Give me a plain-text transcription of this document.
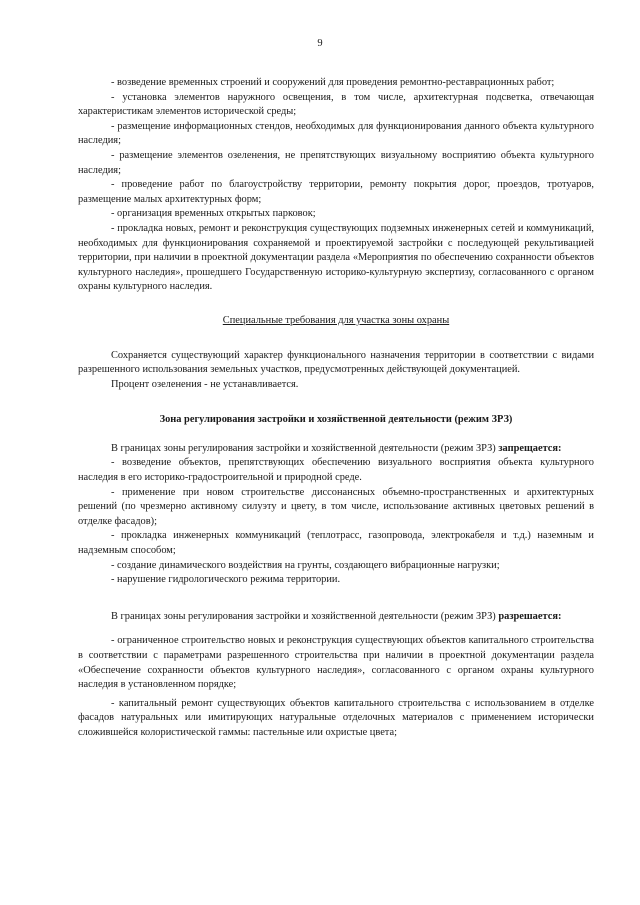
9

- возведение временных строений и сооружений для проведения ремонтно-реставрационных работ;

- установка элементов наружного освещения, в том числе, архитектурная подсветка, отвечающая характеристикам элементов исторической среды;

- размещение информационных стендов, необходимых для функционирования данного объекта культурного наследия;

- размещение элементов озеленения, не препятствующих визуальному восприятию объекта культурного наследия;

- проведение работ по благоустройству территории, ремонту покрытия дорог, проездов, тротуаров, размещение малых архитектурных форм;

- организация временных открытых парковок;

- прокладка новых, ремонт и реконструкция существующих подземных инженерных сетей и коммуникаций, необходимых для функционирования сохраняемой и проектируемой застройки с последующей рекультивацией территории, при наличии в проектной документации раздела «Мероприятия по обеспечению сохранности объектов культурного наследия», прошедшего Государственную историко-культурную экспертизу, согласованного с органом охраны культурного наследия.

Специальные требования для участка зоны охраны

Сохраняется существующий характер функционального назначения территории в соответствии с видами разрешенного использования земельных участков, предусмотренных действующей документацией.

Процент озеленения - не устанавливается.

Зона регулирования застройки и хозяйственной деятельности (режим ЗРЗ)

В границах зоны регулирования застройки и хозяйственной деятельности (режим ЗРЗ) запрещается:

- возведение объектов, препятствующих обеспечению визуального восприятия объекта культурного наследия в его историко-градостроительной и природной среде.

- применение при новом строительстве диссонансных объемно-пространственных и архитектурных решений (по чрезмерно активному силуэту и цвету, в том числе, использование активных цветовых решений в отделке фасадов);

- прокладка инженерных коммуникаций (теплотрасс, газопровода, электрокабеля и т.д.) наземным и надземным способом;

- создание динамического воздействия на грунты, создающего вибрационные нагрузки;

- нарушение гидрологического режима территории.

В границах зоны регулирования застройки и хозяйственной деятельности (режим ЗРЗ) разрешается:

- ограниченное строительство новых и реконструкция существующих объектов капитального строительства в соответствии с параметрами разрешенного строительства при наличии в проектной документации раздела «Обеспечение сохранности объектов культурного наследия», согласованного с органом охраны культурного наследия в установленном порядке;

- капитальный ремонт существующих объектов капитального строительства с использованием в отделке фасадов натуральных или имитирующих натуральные отделочных материалов с применением исторически сложившейся колористической гаммы: пастельные или охристые цвета;
